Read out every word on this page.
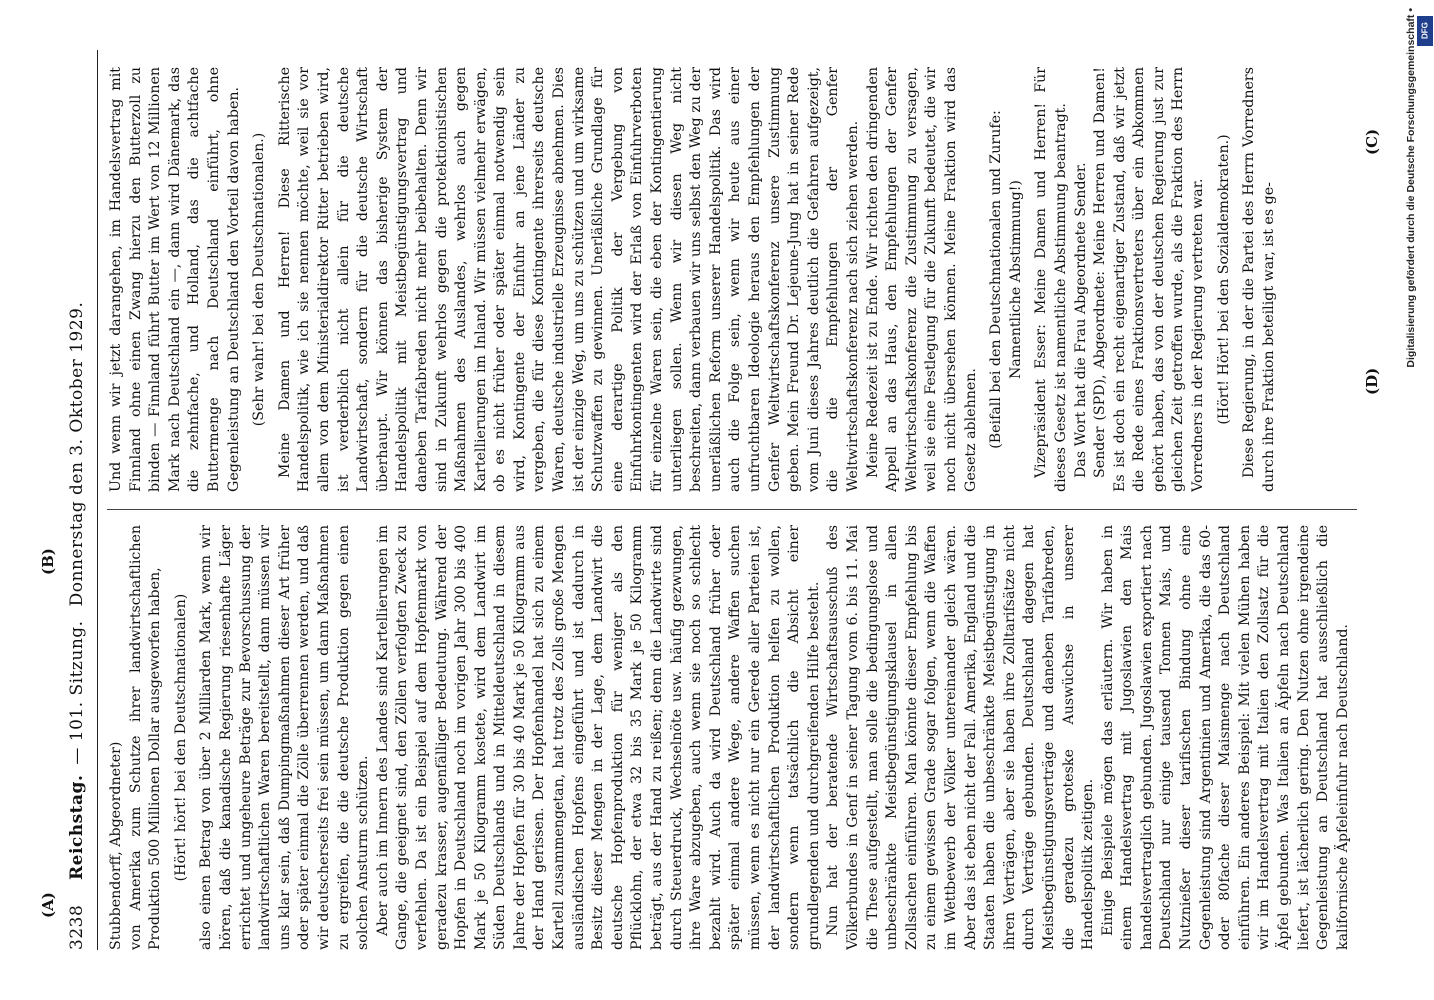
3238
Reichstag.
— 101. Sitzung.
Donnerstag den 3. Oktober 1929.

Stubbendorff, Abgeordneter) von Amerika zum Schutze ihrer landwirtschaftlichen Produktion 500 Millionen Dollar ausgeworfen haben, (Hört! hört! bei den Deutschnationalen) also einen Betrag von über 2 Milliarden Mark, wenn wir hören, daß die kanadische Regierung riesenhafte Läger errichtet und ungeheure Beträge zur Bevorschussung der landwirtschaftlichen Waren bereitstellt, dann müssen wir uns klar sein, daß Dumpingmaßnahmen dieser Art früher oder später einmal die Zölle überrennen werden, und daß wir deutscherseits frei sein müssen, um dann Maßnahmen zu ergreifen, die die deutsche Produktion gegen einen solchen Ansturm schützen. Aber auch im Innern des Landes sind Kartellierungen im Gange, die geeignet sind, den Zöllen verfolgten Zweck zu verfehlen. Da ist ein Beispiel auf dem Hopfenmarkt von geradezu krasser, augenfälliger Bedeutung. Während der Hopfen in Deutschland noch im vorigen Jahr 300 bis 400 Mark je 50 Kilogramm kostete, wird dem Landwirt im Süden Deutschlands und in Mitteldeutschland in diesem Jahre der Hopfen für 30 bis 40 Mark je 50 Kilogramm aus der Hand gerissen. Der Hopfenhandel hat sich zu einem Kartell zusammengetan, hat trotz des Zolls große Mengen ausländischen Hopfens eingeführt und ist dadurch in Besitz dieser Mengen in der Lage, dem Landwirt die deutsche Hopfenproduktion für weniger als den Pflücklohn, der etwa 32 bis 35 Mark je 50 Kilogramm beträgt, aus der Hand zu reißen; denn die Landwirte sind durch Steuerdruck, Wechselnöte usw. häufig gezwungen, ihre Ware abzugeben, auch wenn sie noch so schlecht bezahlt wird. Auch da wird Deutschland früher oder später einmal andere Wege, andere Waffen suchen müssen, wenn es nicht nur ein Gerede aller Parteien ist, der landwirtschaftlichen Produktion helfen zu wollen, sondern wenn tatsächlich die Absicht einer grundlegenden und durchgreifenden Hilfe besteht. Nun hat der beratende Wirtschaftsausschuß des Völkerbundes in Genf in seiner Tagung vom 6. bis 11. Mai die These aufgestellt, man solle die bedingungslose und unbeschränkte Meistbegünstigungsklausel in allen Zollsachen einführen. Man könnte dieser Empfehlung bis zu einem gewissen Grade sogar folgen, wenn die Waffen im Wettbewerb der Völker untereinander gleich wären. Aber das ist eben nicht der Fall. Amerika, England und die Staaten haben die unbeschränkte Meistbegünstigung in ihren Verträgen, aber sie haben ihre Zolltarifsätze nicht durch Verträge gebunden. Deutschland dagegen hat Meistbegünstigungsverträge und daneben Tarifabreden, die geradezu groteske Auswüchse in unserer Handelspolitik zeitigen. Einige Beispiele mögen das erläutern. Wir haben in einem Handelsvertrag mit Jugoslawien den Mais handelsvertraglich gebunden. Jugoslawien exportiert nach Deutschland nur einige tausend Tonnen Mais, und Nutznießer dieser tarifischen Bindung ohne eine Gegenleistung sind Argentinien und Amerika, die das 60- oder 80fache dieser Maismenge nach Deutschland einführen. Ein anderes Beispiel: Mit vielen Mühen haben wir im Handelsvertrag mit Italien den Zollsatz für die Äpfel gebunden. Was Italien an Äpfeln nach Deutschland liefert, ist lächerlich gering. Den Nutzen ohne irgendeine Gegenleistung an Deutschland hat ausschließlich die kalifornische Äpfeleinfuhr nach Deutschland.

Und wenn wir jetzt darangehen, im Handelsvertrag mit Finnland ohne einen Zwang hierzu den Butterzoll zu binden — Finnland führt Butter im Wert von 12 Millionen Mark nach Deutschland ein —, dann wird Dänemark, das die zehnfache, und Holland, das die achtfache Buttermenge nach Deutschland einführt, ohne Gegenleistung an Deutschland den Vorteil davon haben. (Sehr wahr! bei den Deutschnationalen.) Meine Damen und Herren! Diese Ritterische Handelspolitik, wie ich sie nennen möchte, weil sie vor allem von dem Ministerialdirektor Ritter betrieben wird, ist verderblich nicht allein für die deutsche Landwirtschaft, sondern für die deutsche Wirtschaft überhaupt. Wir können das bisherige System der Handelspolitik mit Meistbegünstigungsvertrag und daneben Tarifabreden nicht mehr beibehalten. Denn wir sind in Zukunft wehrlos gegen die protektionistischen Maßnahmen des Auslandes, wehrlos auch gegen Kartellierungen im Inland. Wir müssen vielmehr erwägen, ob es nicht früher oder später einmal notwendig sein wird, Kontingente der Einfuhr an jene Länder zu vergeben, die für diese Kontingente ihrerseits deutsche Waren, deutsche industrielle Erzeugnisse abnehmen. Dies ist der einzige Weg, um uns zu schützen und um wirksame Schutzwaffen zu gewinnen. Unerläßliche Grundlage für eine derartige Politik der Vergebung von Einfuhrkontingenten wird der Erlaß von Einfuhrverboten für einzelne Waren sein, die eben der Kontingentierung unterliegen sollen. Wenn wir diesen Weg nicht beschreiten, dann verbauen wir uns selbst den Weg zu der unerläßlichen Reform unserer Handelspolitik. Das wird auch die Folge sein, wenn wir heute aus einer unfruchtbaren Ideologie heraus den Empfehlungen der Genfer Weltwirtschaftskonferenz unsere Zustimmung geben. Mein Freund Dr. Lejeune-Jung hat in seiner Rede vom Juni dieses Jahres deutlich die Gefahren aufgezeigt, die die Empfehlungen der Genfer Weltwirtschaftskonferenz nach sich ziehen werden. Meine Redezeit ist zu Ende. Wir richten den dringenden Appell an das Haus, den Empfehlungen der Genfer Weltwirtschaftskonferenz die Zustimmung zu versagen, weil sie eine Festlegung für die Zukunft bedeutet, die wir noch nicht übersehen können. Meine Fraktion wird das Gesetz ablehnen. (Beifall bei den Deutschnationalen und Zurufe: Namentliche Abstimmung!) Vizepräsident Esser: Meine Damen und Herren! Für dieses Gesetz ist namentliche Abstimmung beantragt. Das Wort hat die Frau Abgeordnete Sender. Sender (SPD), Abgeordnete: Meine Herren und Damen! Es ist doch ein recht eigenartiger Zustand, daß wir jetzt die Rede eines Fraktionsvertreters über ein Abkommen gehört haben, das von der deutschen Regierung just zur gleichen Zeit getroffen wurde, als die Fraktion des Herrn Vorredners in der Regierung vertreten war. (Hört! Hört! bei den Sozialdemokraten.) Diese Regierung, in der die Partei des Herrn Vorredners durch ihre Fraktion beteiligt war, ist es ge-

(A)
(B)
(C)
(D)
Digitalisierung gefördert durch die Deutsche Forschungsgemeinschaft • DFG
